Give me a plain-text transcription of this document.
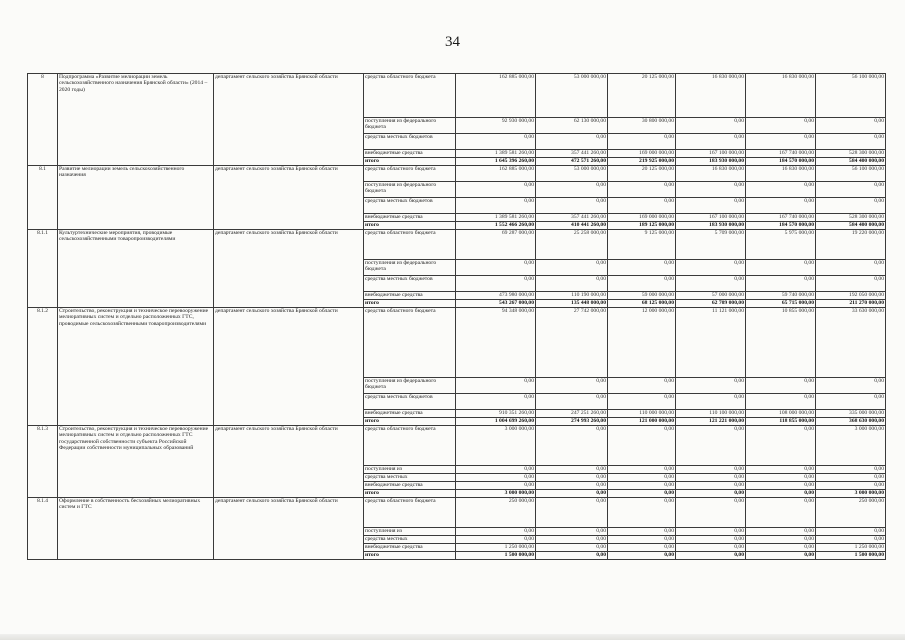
34
8	Подпрограмма «Развитие мелиорации земель сельскохозяйственного назначения Брянской области» (2014 – 2020 годы)	департамент сельского хозяйства Брянской области	средства областного бюджета	162 885 000,00	53 000 000,00	20 125 000,00	16 830 000,00	16 830 000,00	56 100 000,00
			поступления из федерального бюджета	92 930 000,00	62 130 000,00	30 800 000,00	0,00	0,00	0,00
			средства местных бюджетов	0,00	0,00	0,00	0,00	0,00	0,00
			внебюджетные средства	1 389 581 260,00	357 441 260,00	169 000 000,00	167 100 000,00	167 740 000,00	528 300 000,00
			итого	1 645 396 260,00	472 571 260,00	219 925 000,00	183 930 000,00	184 570 000,00	584 400 000,00
8.1	Развитие мелиорации земель сельскохозяйственного назначения	департамент сельского хозяйства Брянской области	средства областного бюджета	162 885 000,00	53 000 000,00	20 125 000,00	16 830 000,00	16 830 000,00	56 100 000,00
			поступления из федерального бюджета	0,00	0,00	0,00	0,00	0,00	0,00
			средства местных бюджетов	0,00	0,00	0,00	0,00	0,00	0,00
			внебюджетные средства	1 389 581 260,00	357 441 260,00	169 000 000,00	167 100 000,00	167 740 000,00	528 300 000,00
			итого	1 552 466 260,00	410 441 260,00	189 125 000,00	183 930 000,00	184 570 000,00	584 400 000,00
8.1.1	Культуртехнические мероприятия, проводимые сельскохозяйственными товаропроизводителями	департамент сельского хозяйства Брянской области	средства областного бюджета	69 287 000,00	25 258 000,00	9 125 000,00	5 709 000,00	5 975 000,00	19 220 000,00
			поступления из федерального бюджета	0,00	0,00	0,00	0,00	0,00	0,00
			средства местных бюджетов	0,00	0,00	0,00	0,00	0,00	0,00
			внебюджетные средства	473 980 000,00	110 190 000,00	59 000 000,00	57 000 000,00	59 740 000,00	192 050 000,00
			итого	543 267 000,00	135 448 000,00	68 125 000,00	62 709 000,00	65 715 000,00	211 270 000,00
8.1.2	Строительство, реконструкция и техническое перевооружение мелиоративных систем и отдельно расположенных ГТС, проводимые сельскохозяйственными товаропроизводителями	департамент сельского хозяйства Брянской области	средства областного бюджета	94 348 000,00	27 742 000,00	12 000 000,00	11 121 000,00	10 855 000,00	33 630 000,00
			поступления из федерального бюджета	0,00	0,00	0,00	0,00	0,00	0,00
			средства местных бюджетов	0,00	0,00	0,00	0,00	0,00	0,00
			внебюджетные средства	910 351 260,00	247 251 260,00	110 000 000,00	110 100 000,00	108 000 000,00	335 000 000,00
			итого	1 004 699 260,00	274 993 260,00	121 000 000,00	121 221 000,00	118 855 000,00	368 630 000,00
8.1.3	Строительство, реконструкция и техническое перевооружение мелиоративных систем и отдельно расположенных ГТС государственной собственности субъекта Российской Федерации собственности муниципальных образований	департамент сельского хозяйства Брянской области	средства областного бюджета	3 000 000,00	0,00	0,00	0,00	0,00	3 000 000,00
			поступления из	0,00	0,00	0,00	0,00	0,00	0,00
			средства местных	0,00	0,00	0,00	0,00	0,00	0,00
			внебюджетные средства	0,00	0,00	0,00	0,00	0,00	0,00
			итого	3 000 000,00	0,00	0,00	0,00	0,00	3 000 000,00
8.1.4	Оформление в собственность бесхозяйных мелиоративных систем и ГТС	департамент сельского хозяйства Брянской области	средства областного бюджета	250 000,00	0,00	0,00	0,00	0,00	250 000,00
			поступления из	0,00	0,00	0,00	0,00	0,00	0,00
			средства местных	0,00	0,00	0,00	0,00	0,00	0,00
			внебюджетные средства	1 250 000,00	0,00	0,00	0,00	0,00	1 250 000,00
			итого	1 500 000,00	0,00	0,00	0,00	0,00	1 500 000,00
